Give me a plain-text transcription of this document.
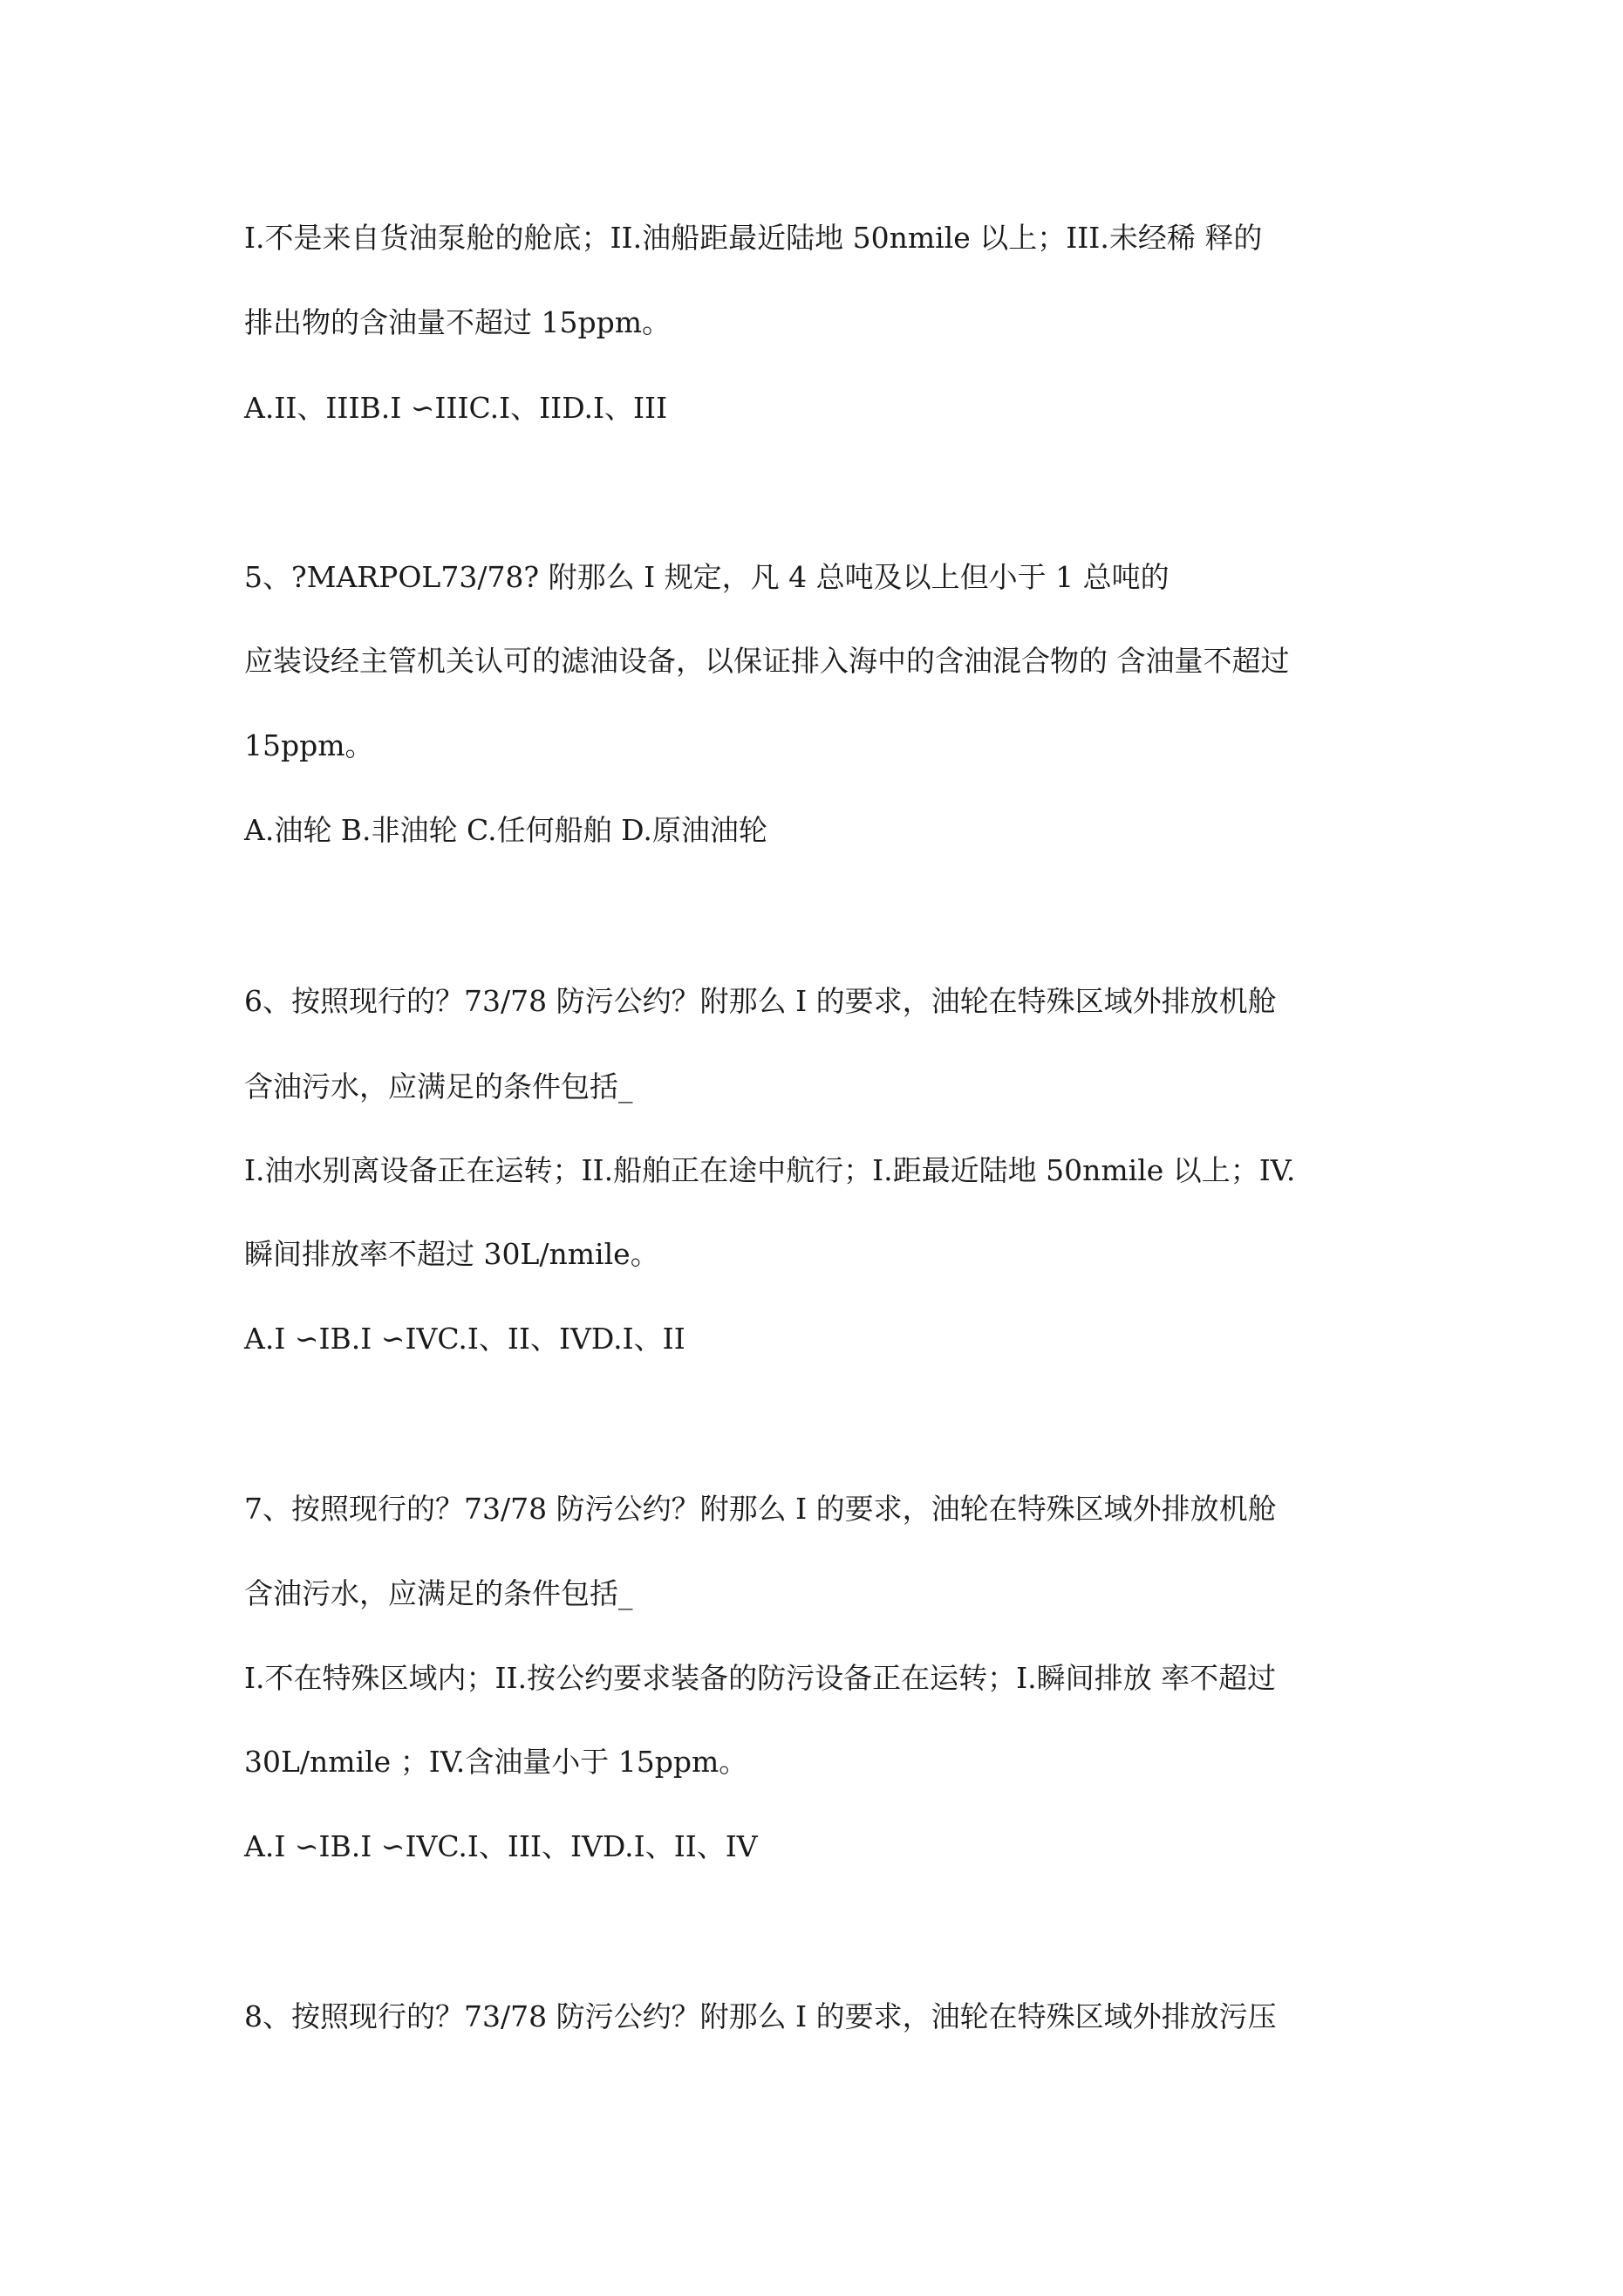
Ⅰ.不是来自货油泵舱的舱底；II.油船距最近陆地 50nmile 以上；III.未经稀 释的
排出物的含油量不超过 15ppm。
A.II、IIIB.I ∽IIIC.I、IID.I、III
5、?MARPOL73/78? 附那么 I 规定，凡 4 总吨及以上但小于 1 总吨的
应装设经主管机关认可的滤油设备，以保证排入海中的含油混合物的 含油量不超过
15ppm。
A.油轮 B.非油轮 C.任何船舶 D.原油油轮
6、按照现行的？73/78 防污公约？附那么 I 的要求，油轮在特殊区域外排放机舱
含油污水，应满足的条件包括_
I.油水别离设备正在运转；II.船舶正在途中航行；I.距最近陆地 50nmile 以上；IV.
瞬间排放率不超过 30L/nmile。
A.I ∽IB.I ∽IVC.I、II、IVD.I、II
7、按照现行的？73/78 防污公约？附那么 I 的要求，油轮在特殊区域外排放机舱
含油污水，应满足的条件包括_
I.不在特殊区域内；II.按公约要求装备的防污设备正在运转；I.瞬间排放 率不超过
30L/nmile ；IV.含油量小于 15ppm。
A.I ∽IB.I ∽IVC.I、III、IVD.I、II、IV
8、按照现行的？73/78 防污公约？附那么 I 的要求，油轮在特殊区域外排放污压
